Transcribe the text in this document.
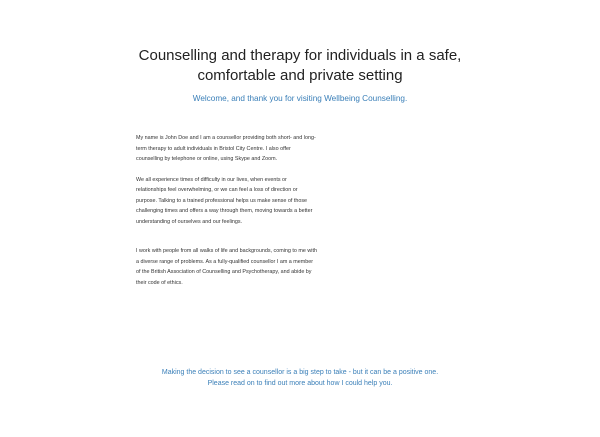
Counselling and therapy for individuals in a safe,
comfortable and private setting

Welcome, and thank you for visiting Wellbeing Counselling.

My name is John Doe and I am a counsellor providing both short- and long-term therapy to adult individuals in Bristol City Centre. I also offer counselling by telephone or online, using Skype and Zoom.

We all experience times of difficulty in our lives, when events or relationships feel overwhelming, or we can feel a loss of direction or purpose. Talking to a trained professional helps us make sense of those challenging times and offers a way through them, moving towards a better understanding of ourselves and our feelings.

I work with people from all walks of life and backgrounds, coming to me with a diverse range of problems. As a fully-qualified counsellor I am a member of the British Association of Counselling and Psychotherapy, and abide by their code of ethics.

Making the decision to see a counsellor is a big step to take - but it can be a positive one.
Please read on to find out more about how I could help you.
